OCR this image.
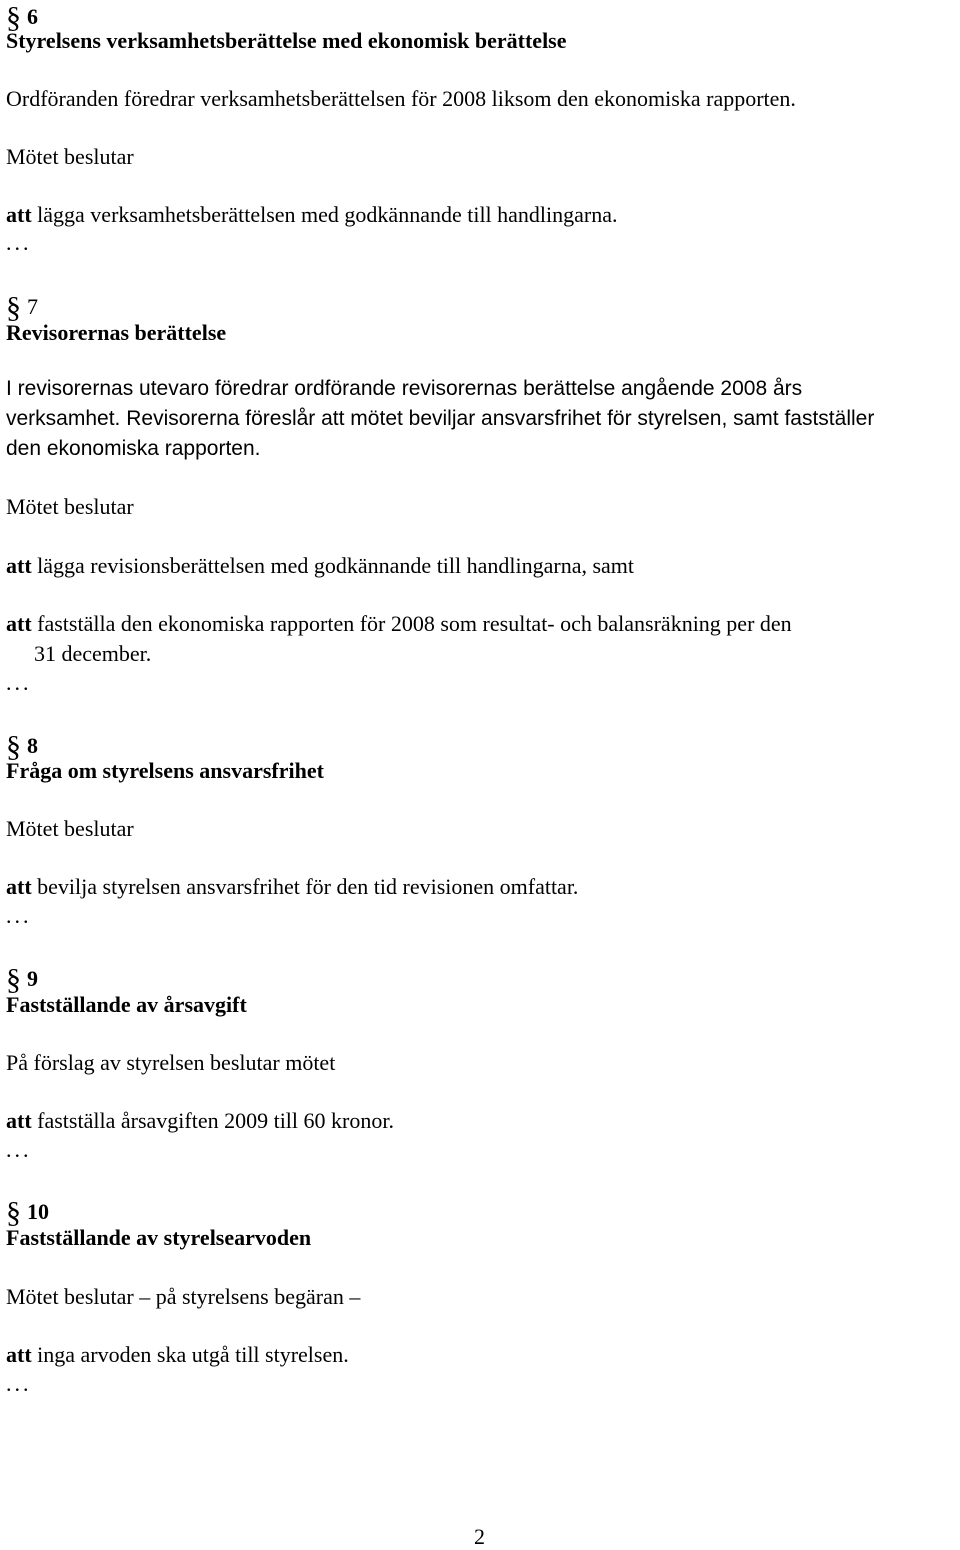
§ 6
Styrelsens verksamhetsberättelse med ekonomisk berättelse
Ordföranden föredrar verksamhetsberättelsen för 2008 liksom den ekonomiska rapporten.
Mötet beslutar
att lägga verksamhetsberättelsen med godkännande till handlingarna.
...
§ 7
Revisorernas berättelse
I revisorernas utevaro föredrar ordförande revisorernas berättelse angående 2008 års
verksamhet. Revisorerna föreslår att mötet beviljar ansvarsfrihet för styrelsen, samt fastställer
den ekonomiska rapporten.
Mötet beslutar
att lägga revisionsberättelsen med godkännande till handlingarna, samt
att fastställa den ekonomiska rapporten för 2008 som resultat- och balansräkning per den
31 december.
...
§ 8
Fråga om styrelsens ansvarsfrihet
Mötet beslutar
att bevilja styrelsen ansvarsfrihet för den tid revisionen omfattar.
...
§ 9
Fastställande av årsavgift
På förslag av styrelsen beslutar mötet
att fastställa årsavgiften 2009 till 60 kronor.
...
§ 10
Fastställande av styrelsearvoden
Mötet beslutar – på styrelsens begäran –
att inga arvoden ska utgå till styrelsen.
...
2
